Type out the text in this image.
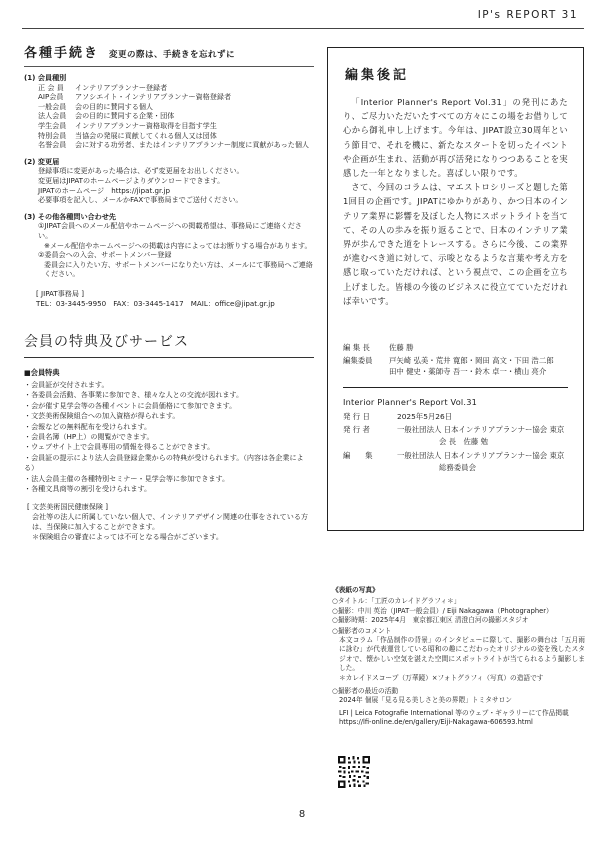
IP's REPORT 31
各種手続き 変更の際は、手続きを忘れずに
(1) 会員種別
正 会 員	インテリアプランナー登録者
AIP会員	アソシエイト・インテリアプランナー資格登録者
一般会員	会の目的に賛同する個人
法人会員	会の目的に賛同する企業・団体
学生会員	インテリアプランナー資格取得を目指す学生
特別会員	当協会の発展に貢献してくれる個人又は団体
名誉会員	会に対する功労者、またはインテリアプランナー制度に貢献があった個人
(2) 変更届
登録事項に変更があった場合は、必ず変更届をお出しください。
変更届はJIPATのホームページよりダウンロードできます。
JIPATのホームページ　https://jipat.gr.jp
必要事項を記入し、メールかFAXで事務局までご送付ください。
(3) その他各種問い合わせ先
①JIPAT会員へのメール配信やホームページへの掲載希望は、事務局にご連絡ください。
※メール配信やホームページへの掲載は内容によってはお断りする場合があります。
②委員会への入会、サポートメンバー登録
委員会に入りたい方、サポートメンバーになりたい方は、メールにて事務局へご連絡ください。
[ JIPAT事務局 ]
TEL：03-3445-9950　FAX：03-3445-1417　MAIL：office@jipat.gr.jp
会員の特典及びサービス
■会員特典
・会員証が交付されます。
・各委員会活動、各事業に参加でき、様々な人との交流が図れます。
・会が催す見学会等の各種イベントに会員価格にて参加できます。
・文芸美術保険組合への加入資格が得られます。
・会報などの無料配布を受けられます。
・会員名簿（HP上）の閲覧ができます。
・ウェブサイト上で会員専用の情報を得ることができます。
・会員証の提示により法人会員登録企業からの特典が受けられます。（内容は各企業による）
・法人会員主催の各種特別セミナー・見学会等に参加できます。
・各種文具商等の割引を受けられます。
[ 文芸美術国民健康保険 ]
会社等の法人に所属していない個人で、インテリアデザイン関連の仕事をされている方は、当保険に加入することができます。
＊保険組合の審査によっては不可となる場合がございます。
編集後記
「Interior Planner's Report Vol.31」の発刊にあたり、ご尽力いただいたすべての方々にこの場をお借りして心から御礼申し上げます。今年は、JIPAT設立30周年という節目で、それを機に、新たなスタートを切ったイベントや企画が生まれ、活動が再び活発になりつつあることを実感した一年となりました。喜ばしい限りです。
さて、今回のコラムは、マエストロシリーズと題した第1回目の企画です。JIPATにゆかりがあり、かつ日本のインテリア業界に影響を及ぼした人物にスポットライトを当てて、その人の歩みを振り返ることで、日本のインテリア業界が歩んできた道をトレースする。さらに今後、この業界が進むべき道に対して、示唆となるような言葉や考え方を感じ取っていただければ、という視点で、この企画を立ち上げました。皆様の今後のビジネスに役立てていただければ幸いです。
編 集 長	佐藤 勝
編集委員	戸矢崎 弘美・荒井 寛郎・岡田 高文・下田 浩二郎
田中 健史・薬師寺 吾一・鈴木 卓一・横山 亮介
Interior Planner's Report Vol.31
発 行 日	2025年5月26日
発 行 者	一般社団法人 日本インテリアプランナー協会 東京
会 長　佐藤 勉
編　　集	一般社団法人 日本インテリアプランナー協会 東京
総務委員会
《表紙の写真》
○タイトル：「工匠のカレイドグラフィ＊」
○撮影：中川 英治（JIPAT一般会員）/ Eiji Nakagawa（Photographer）
○撮影時期：2025年4月　東京都江東区 清澄白河の撮影スタジオ
○撮影者のコメント
本文コラム「作品制作の背景」のインタビューに際して、撮影の舞台は「五月雨に詠む」が代表運営している昭和の趣にこだわったオリジナルの姿を残したスタジオで、懐かしい空気を湛えた空間にスポットライトが当てられるよう撮影しました。
＊カレイドスコープ（万華鏡）×フォトグラフィ（写真）の造語です
○撮影者の最近の活動
2024年 個展「見る見る美しさと美の界隈」トミタサロン
LFI | Leica Fotografie International 等のウェブ・ギャラリーにて作品掲載
https://lfi-online.de/en/gallery/Eiji-Nakagawa-606593.html
8
